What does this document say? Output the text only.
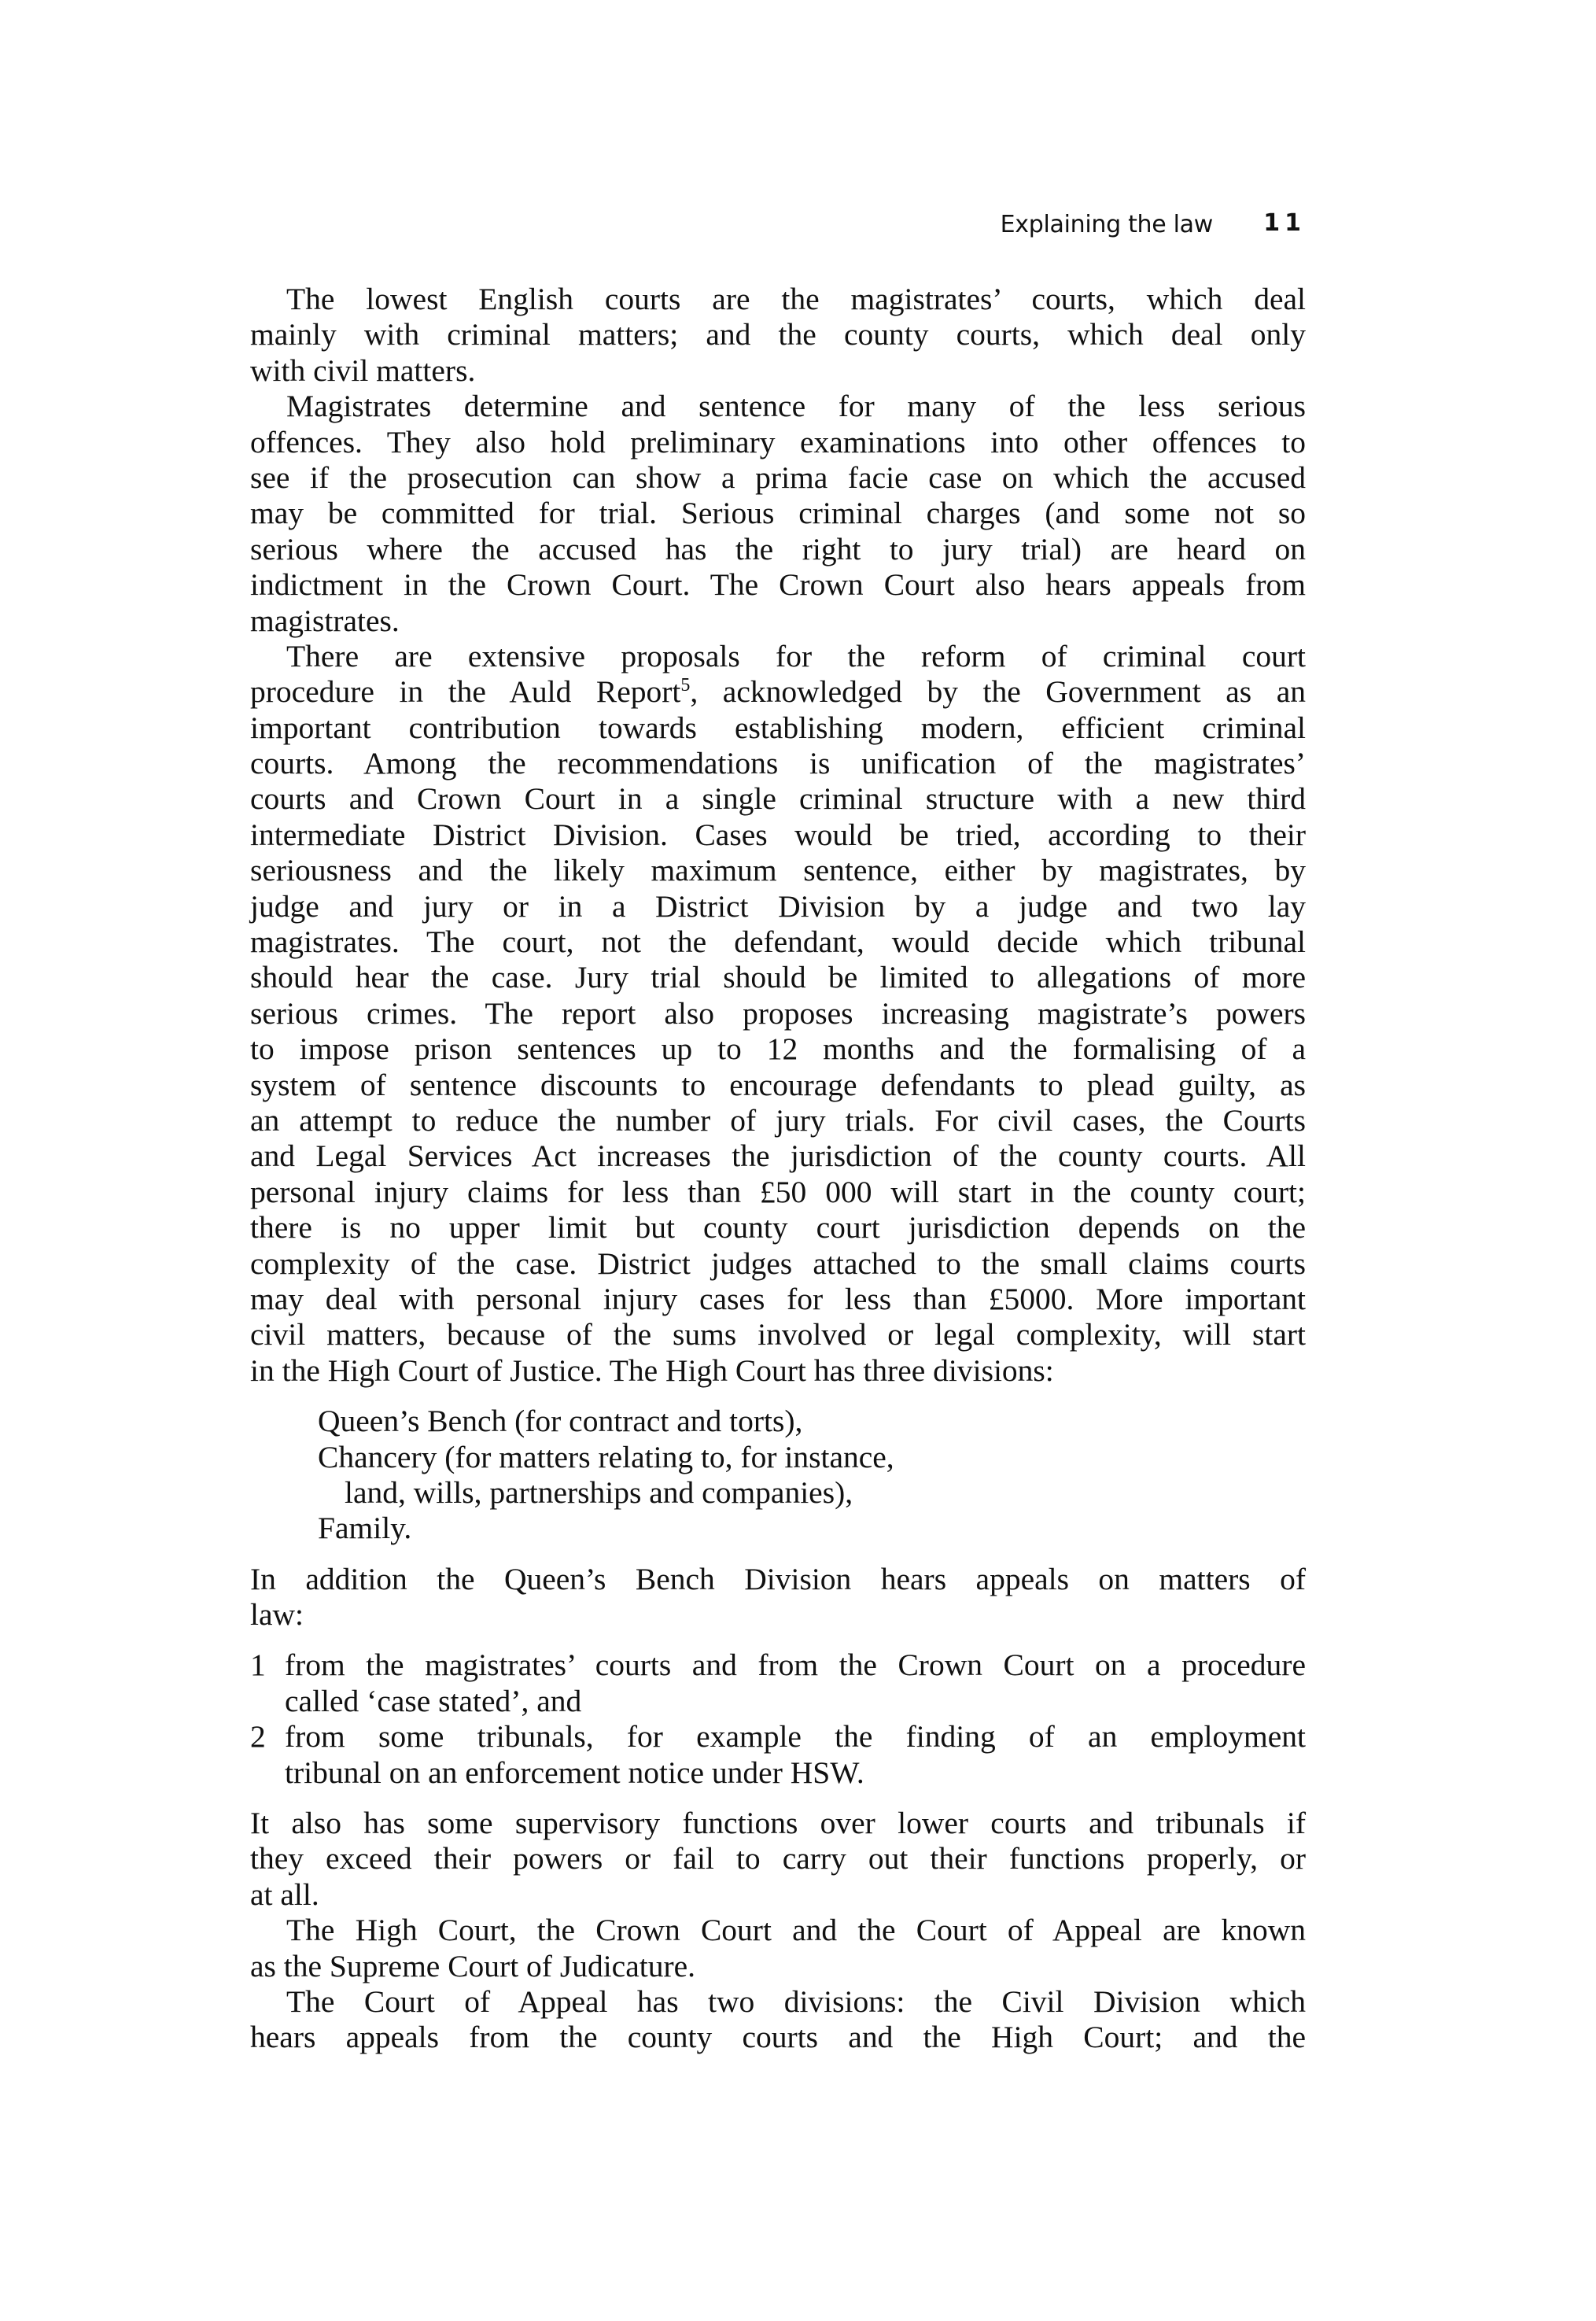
Explaining the law 11
The lowest English courts are the magistrates’ courts, which deal
mainly with criminal matters; and the county courts, which deal only
with civil matters.
Magistrates determine and sentence for many of the less serious
offences. They also hold preliminary examinations into other offences to
see if the prosecution can show a prima facie case on which the accused
may be committed for trial. Serious criminal charges (and some not so
serious where the accused has the right to jury trial) are heard on
indictment in the Crown Court. The Crown Court also hears appeals from
magistrates.
There are extensive proposals for the reform of criminal court
procedure in the Auld Report$^5$, acknowledged by the Government as an
important contribution towards establishing modern, efficient criminal
courts. Among the recommendations is unification of the magistrates’
courts and Crown Court in a single criminal structure with a new third
intermediate District Division. Cases would be tried, according to their
seriousness and the likely maximum sentence, either by magistrates, by
judge and jury or in a District Division by a judge and two lay
magistrates. The court, not the defendant, would decide which tribunal
should hear the case. Jury trial should be limited to allegations of more
serious crimes. The report also proposes increasing magistrate’s powers
to impose prison sentences up to 12 months and the formalising of a
system of sentence discounts to encourage defendants to plead guilty, as
an attempt to reduce the number of jury trials. For civil cases, the Courts
and Legal Services Act increases the jurisdiction of the county courts. All
personal injury claims for less than £50 000 will start in the county court;
there is no upper limit but county court jurisdiction depends on the
complexity of the case. District judges attached to the small claims courts
may deal with personal injury cases for less than £5000. More important
civil matters, because of the sums involved or legal complexity, will start
in the High Court of Justice. The High Court has three divisions:
Queen’s Bench (for contract and torts),
Chancery (for matters relating to, for instance,
land, wills, partnerships and companies),
Family.
In addition the Queen’s Bench Division hears appeals on matters of
law:
1 from the magistrates’ courts and from the Crown Court on a procedure
called ‘case stated’, and
2 from some tribunals, for example the finding of an employment
tribunal on an enforcement notice under HSW.
It also has some supervisory functions over lower courts and tribunals if
they exceed their powers or fail to carry out their functions properly, or
at all.
The High Court, the Crown Court and the Court of Appeal are known
as the Supreme Court of Judicature.
The Court of Appeal has two divisions: the Civil Division which
hears appeals from the county courts and the High Court; and the
